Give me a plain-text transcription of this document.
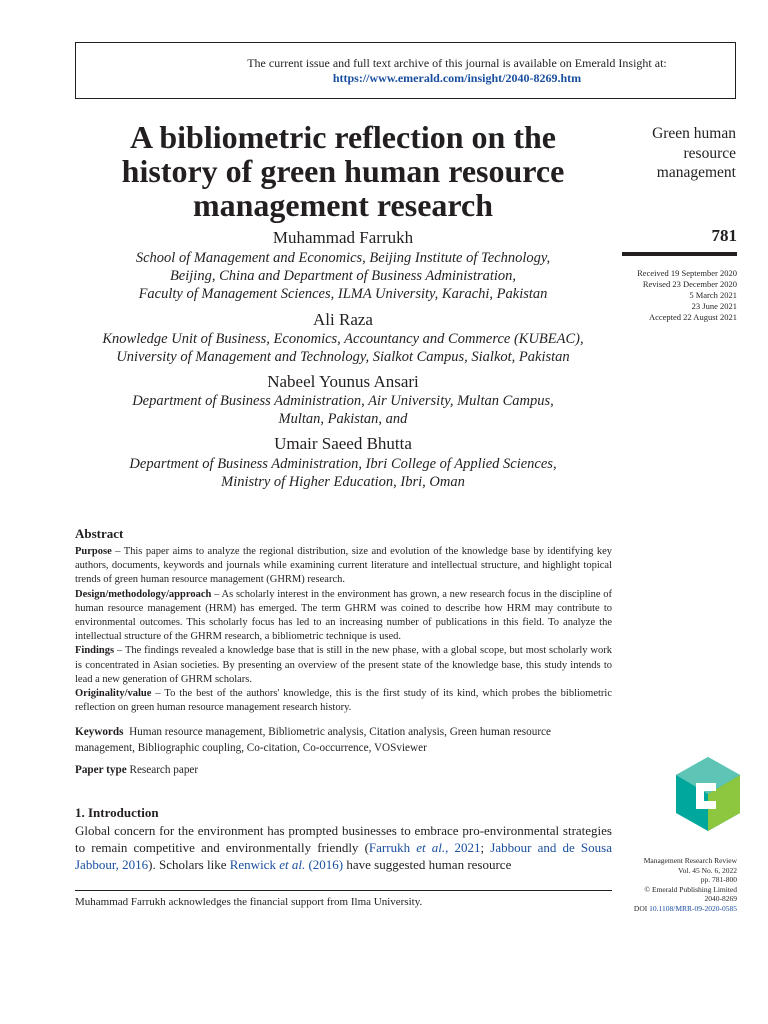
The current issue and full text archive of this journal is available on Emerald Insight at:
https://www.emerald.com/insight/2040-8269.htm
A bibliometric reflection on the
history of green human resource
management research
Muhammad Farrukh
School of Management and Economics, Beijing Institute of Technology,
Beijing, China and Department of Business Administration,
Faculty of Management Sciences, ILMA University, Karachi, Pakistan
Ali Raza
Knowledge Unit of Business, Economics, Accountancy and Commerce (KUBEAC),
University of Management and Technology, Sialkot Campus, Sialkot, Pakistan
Nabeel Younus Ansari
Department of Business Administration, Air University, Multan Campus,
Multan, Pakistan, and
Umair Saeed Bhutta
Department of Business Administration, Ibri College of Applied Sciences,
Ministry of Higher Education, Ibri, Oman
Green human
resource
management
781
Received 19 September 2020
Revised 23 December 2020
5 March 2021
23 June 2021
Accepted 22 August 2021
Abstract
Purpose – This paper aims to analyze the regional distribution, size and evolution of the knowledge base by identifying key authors, documents, keywords and journals while examining current literature and intellectual structure, and highlight topical trends of green human resource management (GHRM) research.
Design/methodology/approach – As scholarly interest in the environment has grown, a new research focus in the discipline of human resource management (HRM) has emerged. The term GHRM was coined to describe how HRM may contribute to environmental outcomes. This scholarly focus has led to an increasing number of publications in this field. To analyze the intellectual structure of the GHRM research, a bibliometric technique is used.
Findings – The findings revealed a knowledge base that is still in the new phase, with a global scope, but most scholarly work is concentrated in Asian societies. By presenting an overview of the present state of the knowledge base, this study intends to lead a new generation of GHRM scholars.
Originality/value – To the best of the authors' knowledge, this is the first study of its kind, which probes the bibliometric reflection on green human resource management research history.
Keywords Human resource management, Bibliometric analysis, Citation analysis, Green human resource management, Bibliographic coupling, Co-citation, Co-occurrence, VOSviewer
Paper type Research paper
1. Introduction
Global concern for the environment has prompted businesses to embrace pro-environmental strategies to remain competitive and environmentally friendly (Farrukh et al., 2021; Jabbour and de Sousa Jabbour, 2016). Scholars like Renwick et al. (2016) have suggested human resource
Muhammad Farrukh acknowledges the financial support from Ilma University.
Management Research Review
Vol. 45 No. 6, 2022
pp. 781-800
© Emerald Publishing Limited
2040-8269
DOI 10.1108/MRR-09-2020-0585
